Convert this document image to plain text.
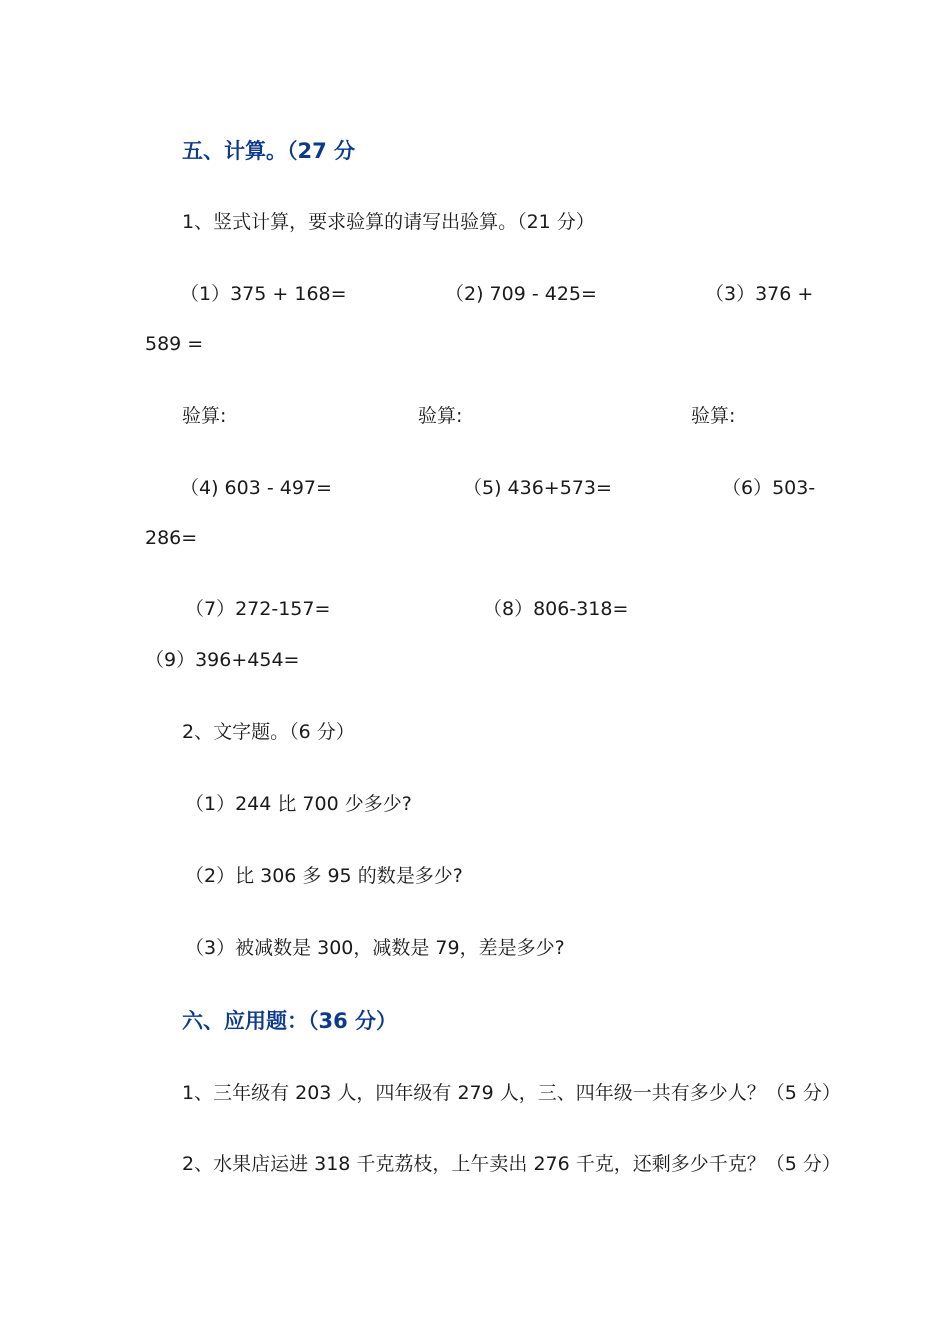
五、计算。（27 分
1、竖式计算，要求验算的请写出验算。（21 分）
（1）375 + 168=	（2) 709 - 425=	（3）376 +
589 =
验算:	验算:	验算:
（4) 603 - 497=	（5) 436+573=	（6）503-
286=
（7）272-157=	（8）806-318=
（9）396+454=
2、文字题。（6 分）
（1）244 比 700 少多少?
（2）比 306 多 95 的数是多少?
（3）被减数是 300，减数是 79，差是多少?
六、应用题：（36 分）
1、三年级有 203 人，四年级有 279 人，三、四年级一共有多少人？（5 分）
2、水果店运进 318 千克荔枝，上午卖出 276 千克，还剩多少千克？（5 分）
